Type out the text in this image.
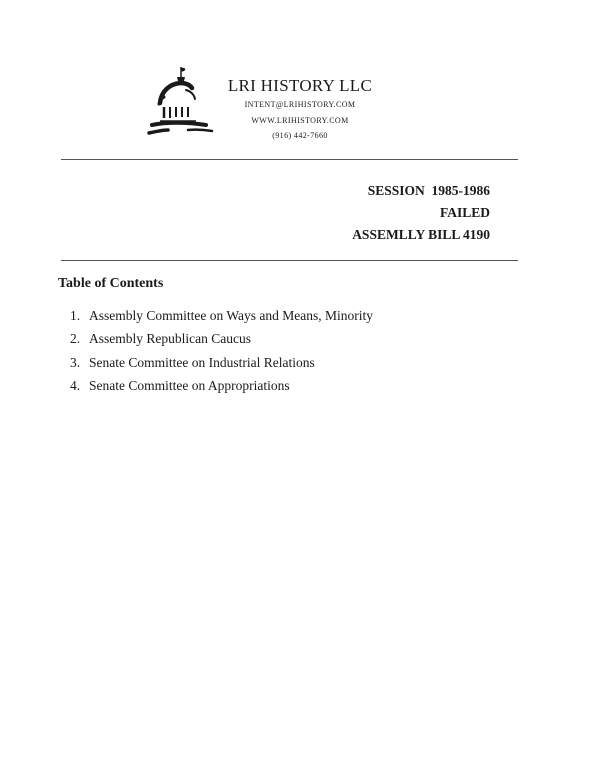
LRI HISTORY LLC
INTENT@LRIHISTORY.COM
WWW.LRIHISTORY.COM
(916) 442-7660
SESSION  1985-1986
FAILED
ASSEMLLY BILL 4190
Table of Contents
1. Assembly Committee on Ways and Means, Minority
2. Assembly Republican Caucus
3. Senate Committee on Industrial Relations
4. Senate Committee on Appropriations
